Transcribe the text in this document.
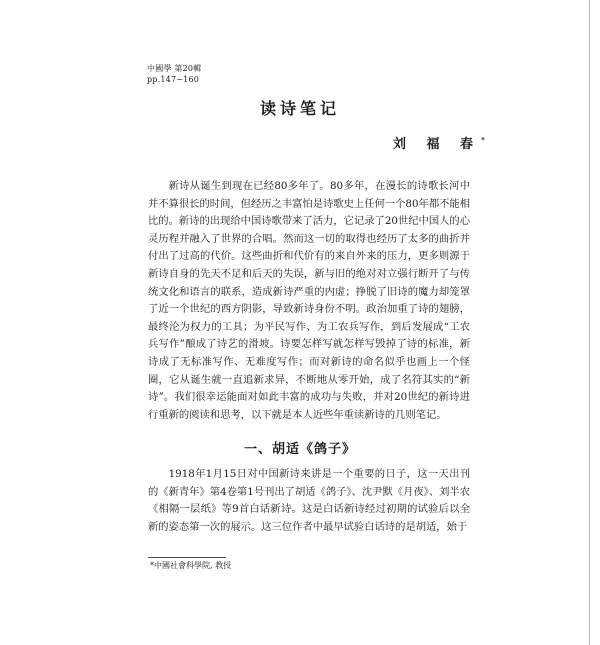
中國學 第20輯
pp.147~160
读诗笔记
刘 福 春*

新诗从诞生到现在已经80多年了。80多年，在漫长的诗歌长河中并不算很长的时间，但经历之丰富怕是诗歌史上任何一个80年都不能相比的。新诗的出现给中国诗歌带来了活力，它记录了20世纪中国人的心灵历程并融入了世界的合唱。然而这一切的取得也经历了太多的曲折并付出了过高的代价。这些曲折和代价有的来自外来的压力，更多则源于新诗自身的先天不足和后天的失误，新与旧的绝对对立强行断开了与传统文化和语言的联系，造成新诗严重的内虚；挣脱了旧诗的魔力却笼罩了近一个世纪的西方阴影，导致新诗身份不明。政治加重了诗的翅膀，最终沦为权力的工具；为平民写作、为工农兵写作，到后发展成“工农兵写作”酿成了诗艺的滑坡。诗要怎样写就怎样写毁掉了诗的标准，新诗成了无标准写作、无难度写作；而对新诗的命名似乎也画上一个怪圈，它从诞生就一直追新求异，不断地从零开始，成了名符其实的“新诗”。我们很幸运能面对如此丰富的成功与失败，并对20世纪的新诗进行重新的阅读和思考，以下就是本人近些年重读新诗的几则笔记。

一、胡适《鸽子》

1918年1月15日对中国新诗来讲是一个重要的日子，这一天出刊的《新青年》第4卷第1号刊出了胡适《鸽子》、沈尹默《月夜》、刘半农《相隔一层纸》等9首白话新诗。这是白话新诗经过初期的试验后以全新的姿态第一次的展示。这三位作者中最早试验白话诗的是胡适，始于

*中國社會科學院, 教授
